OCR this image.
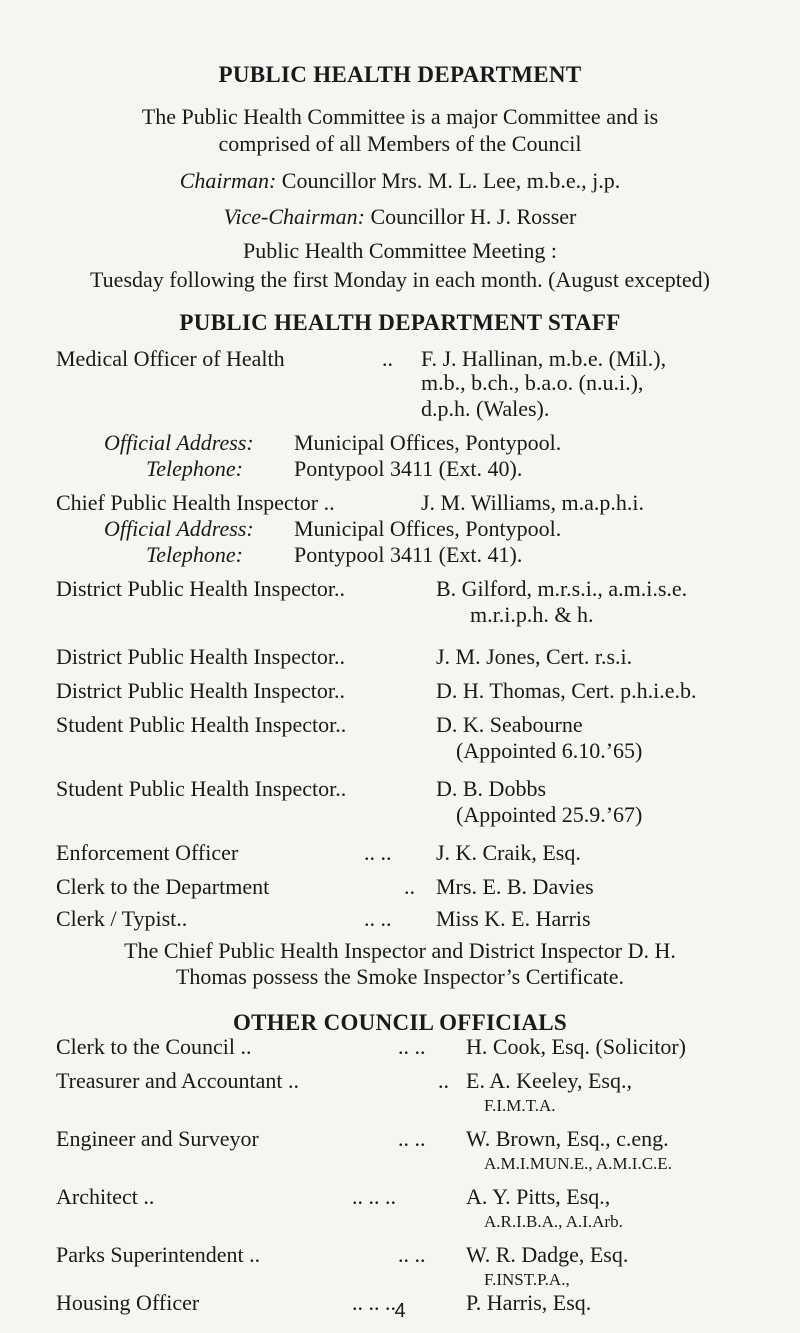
PUBLIC HEALTH DEPARTMENT
The Public Health Committee is a major Committee and is
comprised of all Members of the Council
Chairman: Councillor Mrs. M. L. Lee, m.b.e., j.p.
Vice-Chairman: Councillor H. J. Rosser
Public Health Committee Meeting :
Tuesday following the first Monday in each month. (August excepted)
PUBLIC HEALTH DEPARTMENT STAFF
Medical Officer of Health	.. F. J. Hallinan, m.b.e. (Mil.),
m.b., b.ch., b.a.o. (n.u.i.),
d.p.h. (Wales).
Official Address: Municipal Offices, Pontypool.
Telephone: Pontypool 3411 (Ext. 40).
Chief Public Health Inspector ..	J. M. Williams, m.a.p.h.i.
Official Address: Municipal Offices, Pontypool.
Telephone: Pontypool 3411 (Ext. 41).
District Public Health Inspector..	B. Gilford, m.r.s.i., a.m.i.s.e.
m.r.i.p.h. & h.
District Public Health Inspector..	J. M. Jones, Cert. r.s.i.
District Public Health Inspector..	D. H. Thomas, Cert. p.h.i.e.b.
Student Public Health Inspector..	D. K. Seabourne
(Appointed 6.10.’65)
Student Public Health Inspector..	D. B. Dobbs
(Appointed 25.9.’67)
Enforcement Officer	.. .. J. K. Craik, Esq.
Clerk to the Department	.. Mrs. E. B. Davies
Clerk / Typist..	.. .. Miss K. E. Harris
The Chief Public Health Inspector and District Inspector D. H.
Thomas possess the Smoke Inspector’s Certificate.
OTHER COUNCIL OFFICIALS
Clerk to the Council ..	.. .. H. Cook, Esq. (Solicitor)
Treasurer and Accountant ..	.. E. A. Keeley, Esq.,
F.I.M.T.A.
Engineer and Surveyor	.. .. W. Brown, Esq., c.eng.
A.M.I.MUN.E., A.M.I.C.E.
Architect ..	.. .. ..	A. Y. Pitts, Esq.,
A.R.I.B.A., A.I.Arb.
Parks Superintendent ..	.. .. W. R. Dadge, Esq.
F.INST.P.A.,
Housing Officer	.. .. ..	P. Harris, Esq.
4
